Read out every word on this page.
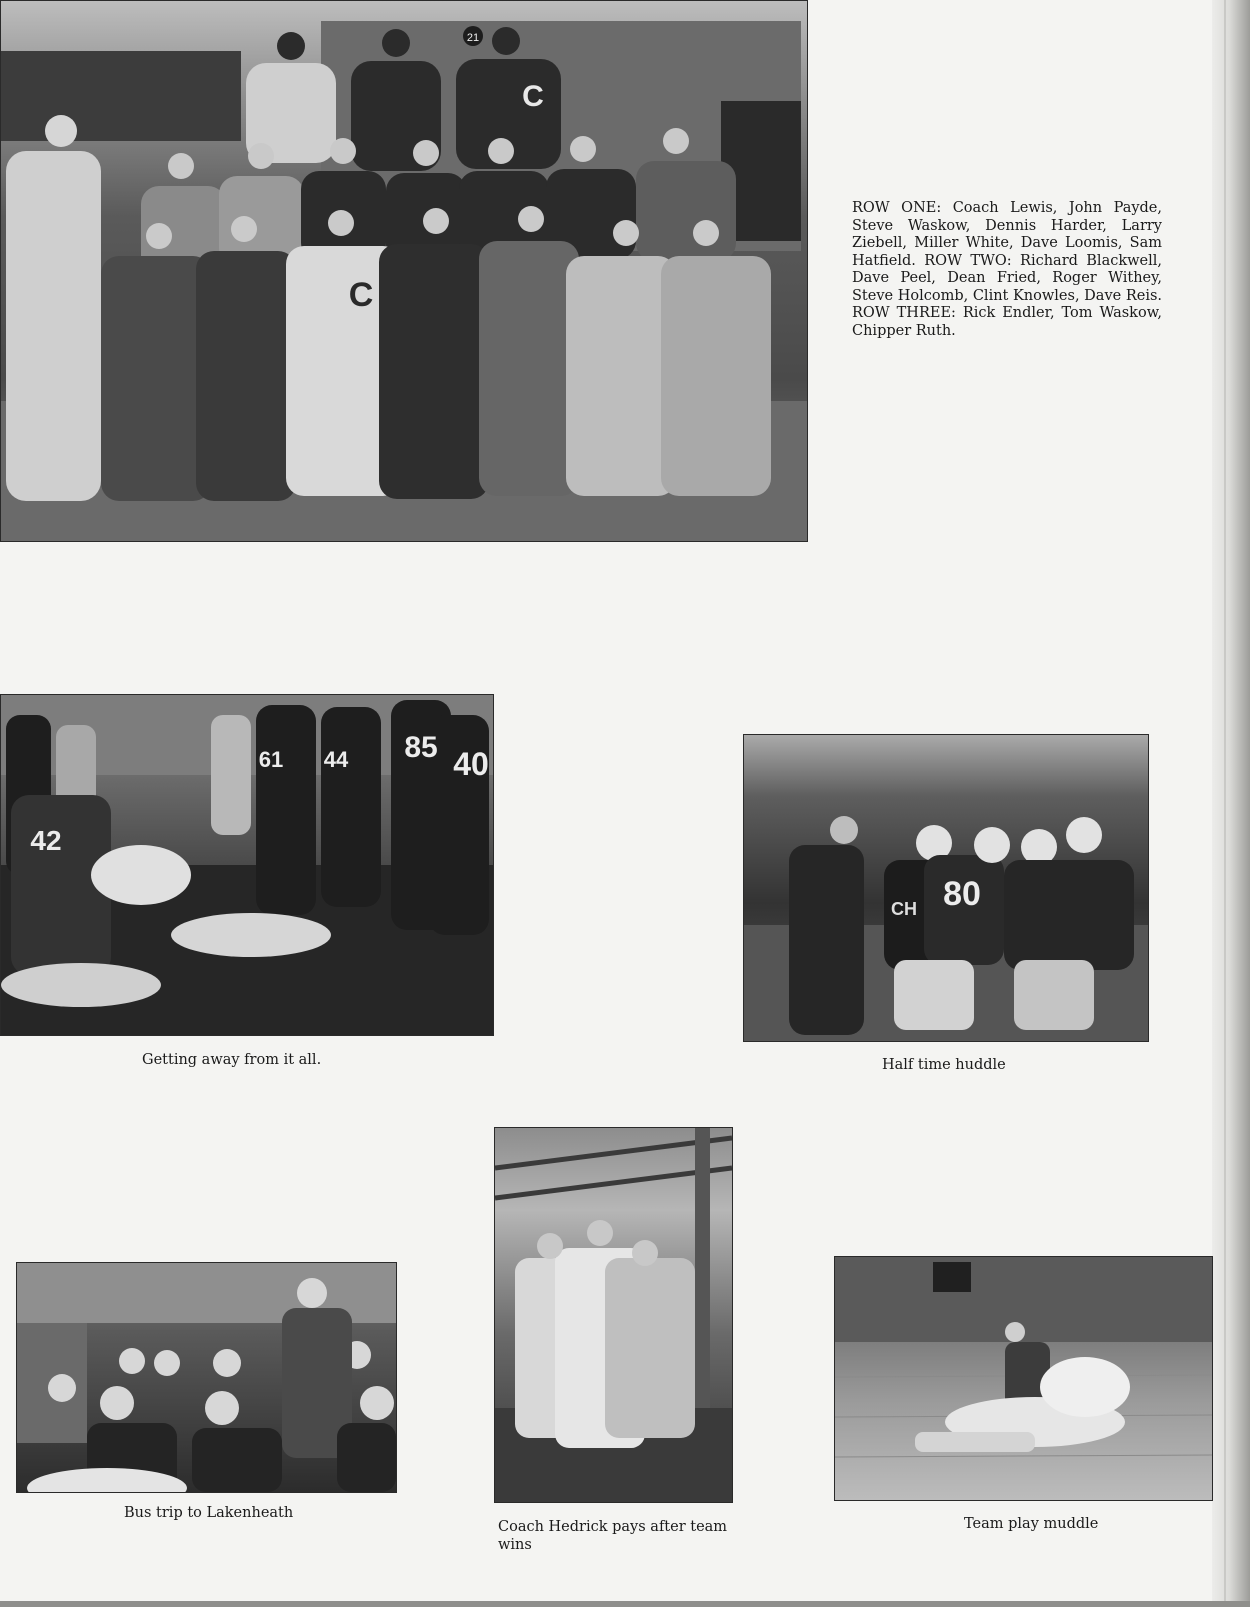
21
C
C
ROW ONE: Coach Lewis, John Payde, Steve Waskow, Dennis Harder, Larry Ziebell, Miller White, Dave Loomis, Sam Hatfield. ROW TWO: Richard Blackwell, Dave Peel, Dean Fried, Roger Withey, Steve Holcomb, Clint Knowles, Dave Reis. ROW THREE: Rick Endler, Tom Waskow, Chipper Ruth.
42
61 44 85 40
Getting away from it all.
CH 80
Half time huddle
Coach Hedrick pays after team wins
Bus trip to Lakenheath
Team play muddle
